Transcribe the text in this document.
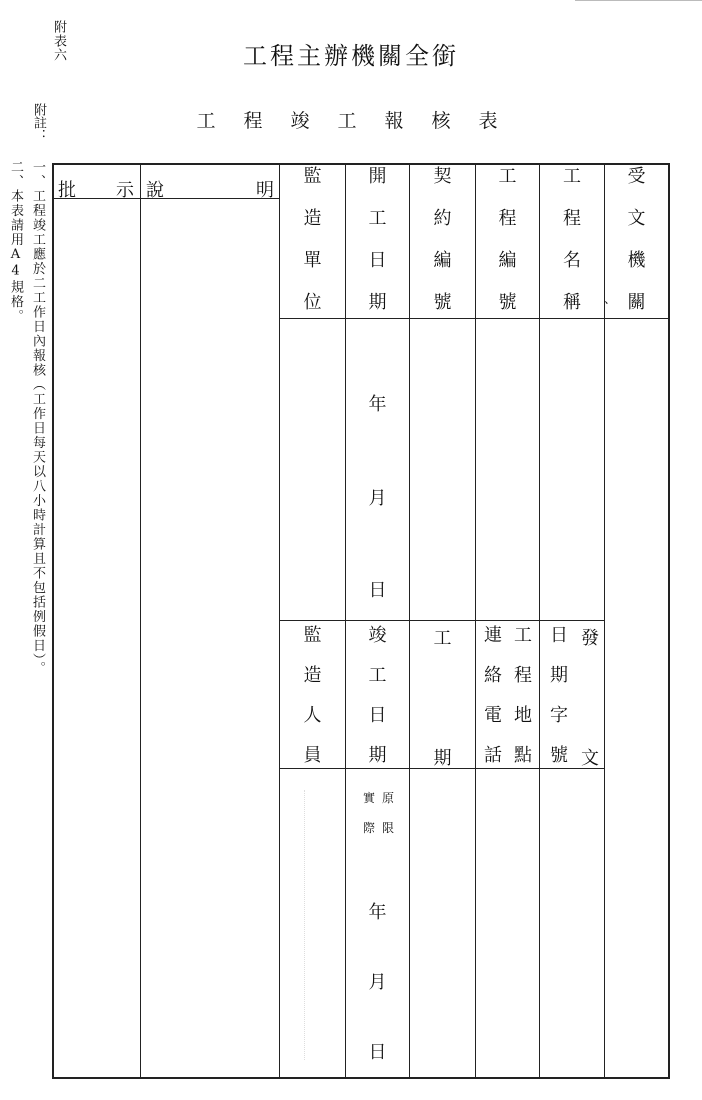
附表六	工程主辦機關全銜
工程竣工報核表
附註：
一、工程竣工應於二工作日內報核（工作日每天以八小時計算且不包括例假日）。
二、本表請用A4規格。 批 示 說	明
監
造
單
位
開
工
日
期
契
約
編
號
工
程
編
號
工
程
名
稱 、
受
文
機
關
年
月
日
監
造
人
員
竣
工
日
期
工
期
連
絡
電
話
工
程
地
點
日
期
字
號
發
文
原
限
實
際
年
月
日
